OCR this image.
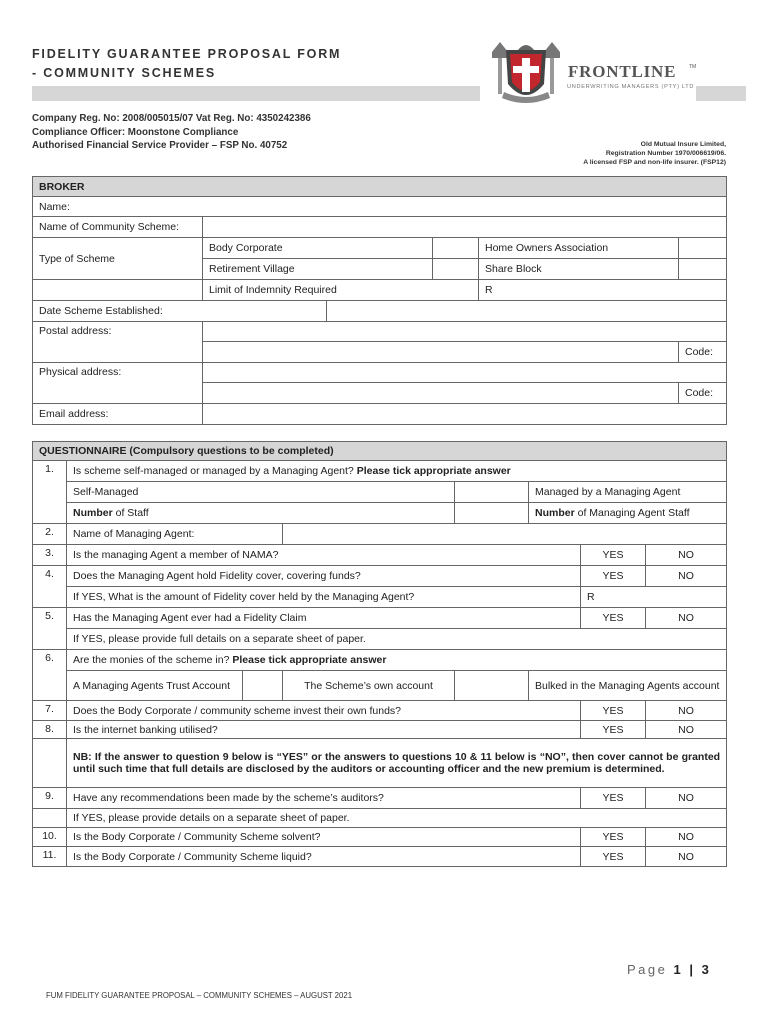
FIDELITY GUARANTEE PROPOSAL FORM
- COMMUNITY SCHEMES	FRONTLINE	TM
UNDERWRITING MANAGERS (PTY) LTD
Company Reg. No: 2008/005015/07 Vat Reg. No: 4350242386
Compliance Officer: Moonstone Compliance
Authorised Financial Service Provider – FSP No. 40752	Old Mutual Insure Limited,
Registration Number 1970/006619/06.
A licensed FSP and non-life insurer. (FSP12)
BROKER					
Name:					
Name of Community Scheme:					
Type of Scheme	Body Corporate			Home Owners Association	
	Retirement Village			Share Block	
	Limit of Indemnity Required			R	
Date Scheme Established:					
Postal address:					
					Code:
Physical address:					
					Code:
Email address:					
QUESTIONNAIRE (Compulsory questions to be completed)								
1.	Is scheme self-managed or managed by a Managing Agent? Please tick appropriate answer							
	Self-Managed				Managed by a Managing Agent			
	Number of Staff				Number of Managing Agent Staff			
2.	Name of Managing Agent:							
3.	Is the managing Agent a member of NAMA?					YES	NO	
4.	Does the Managing Agent hold Fidelity cover, covering funds?					YES	NO	
	If YES, What is the amount of Fidelity cover held by the Managing Agent?					R		
5.	Has the Managing Agent ever had a Fidelity Claim					YES	NO	
	If YES, please provide full details on a separate sheet of paper.							
6.	Are the monies of the scheme in? Please tick appropriate answer							
	A Managing Agents Trust Account		The Scheme’s own account		Bulked in the Managing Agents account			
7.	Does the Body Corporate / community scheme invest their own funds?					YES	NO	
8.	Is the internet banking utilised?					YES	NO	
	NB: If the answer to question 9 below is “YES” or the answers to questions 10 & 11 below is “NO”, then cover cannot be granted until such time that full details are disclosed by the auditors or accounting officer and the new premium is determined.							
9.	Have any recommendations been made by the scheme’s auditors?					YES	NO	
	If YES, please provide details on a separate sheet of paper.							
10.	Is the Body Corporate / Community Scheme solvent?					YES	NO	
11.	Is the Body Corporate / Community Scheme liquid?					YES	NO	
Page 1 | 3
FUM FIDELITY GUARANTEE PROPOSAL – COMMUNITY SCHEMES – AUGUST 2021
